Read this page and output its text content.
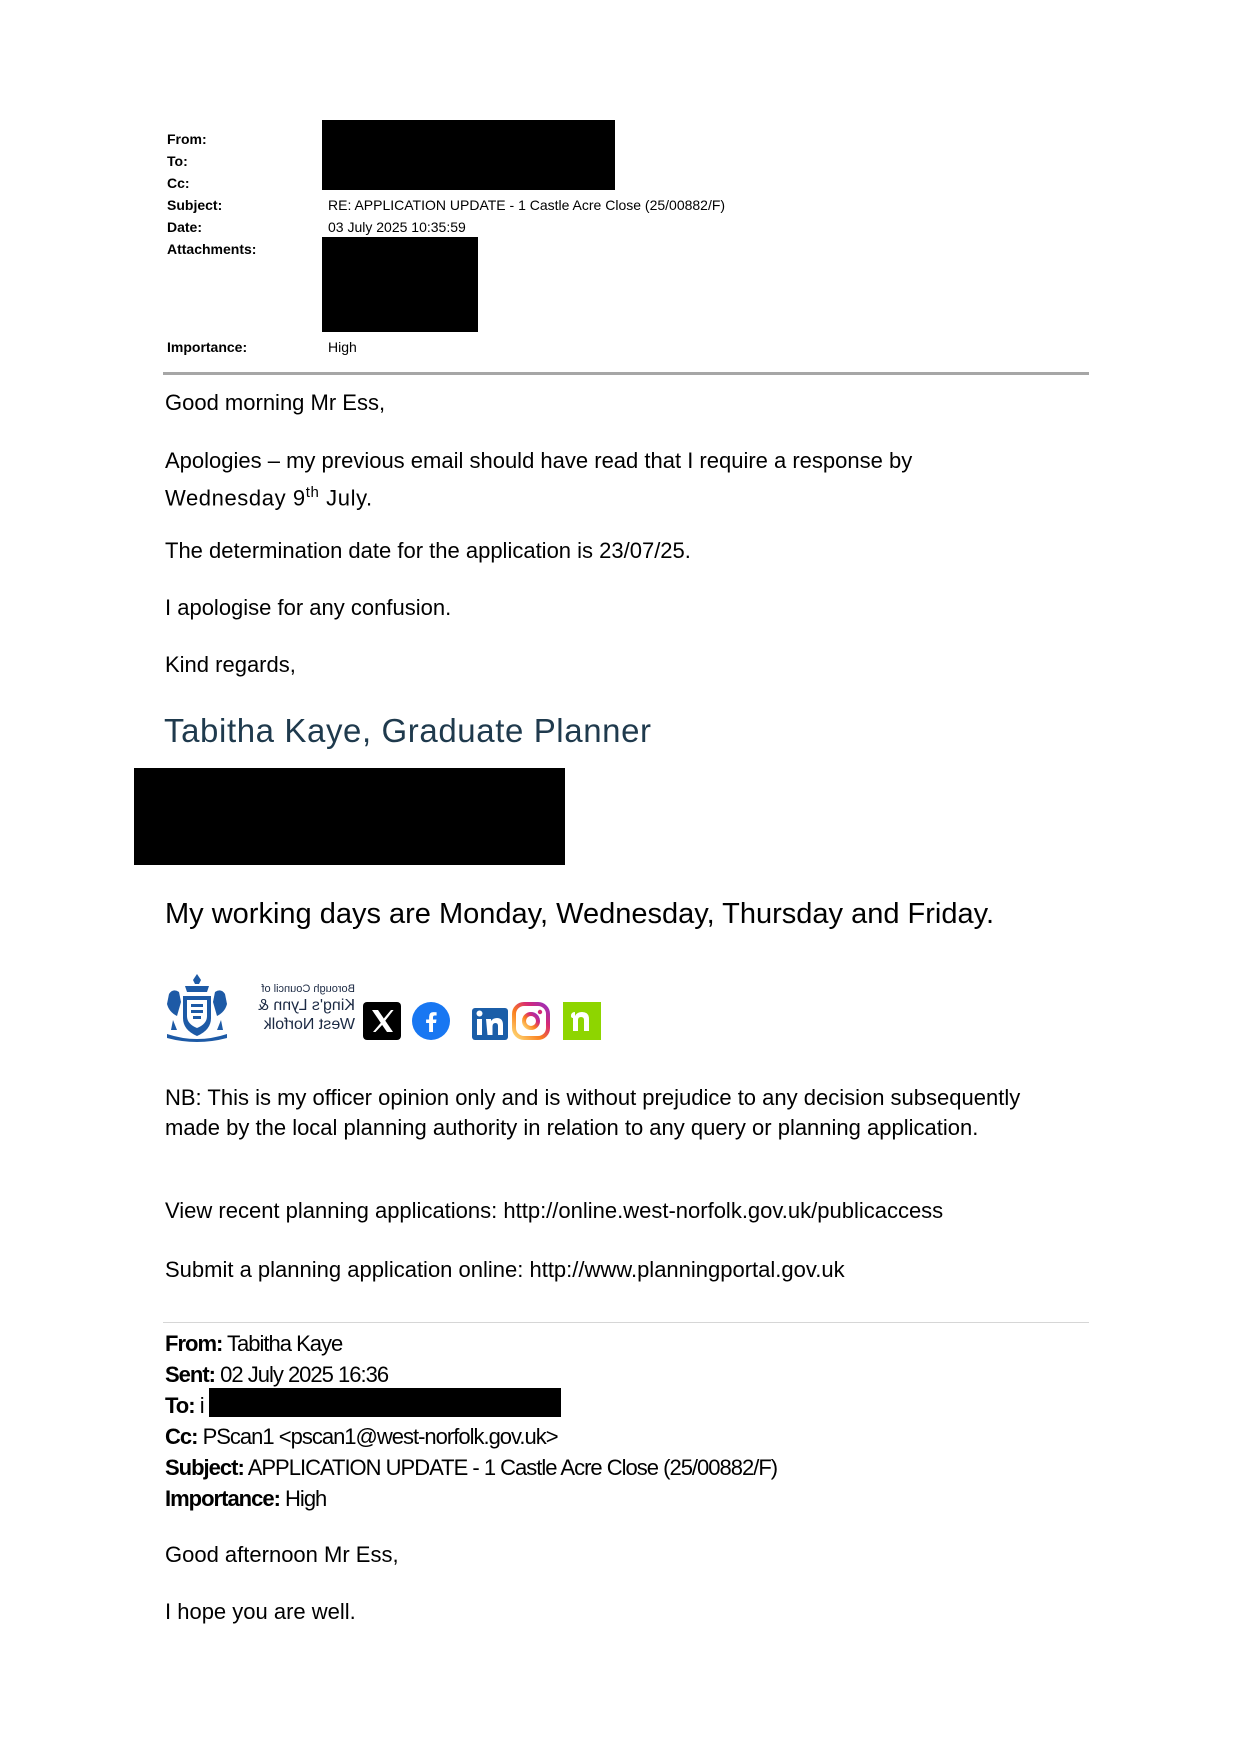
From:
To:
Cc:
Subject:	RE: APPLICATION UPDATE - 1 Castle Acre Close (25/00882/F)
Date:	03 July 2025 10:35:59
Attachments:
Importance:	High
Good morning Mr Ess,
Apologies – my previous email should have read that I require a response by
Wednesday 9th July.
The determination date for the application is 23/07/25.
I apologise for any confusion.
Kind regards,
Tabitha Kaye, Graduate Planner
My working days are Monday, Wednesday, Thursday and Friday.
Borough Council of
King's Lynn &
West Norfolk
NB: This is my officer opinion only and is without prejudice to any decision subsequently made by the local planning authority in relation to any query or planning application.
View recent planning applications: http://online.west-norfolk.gov.uk/publicaccess
Submit a planning application online: http://www.planningportal.gov.uk
From: Tabitha Kaye
Sent: 02 July 2025 16:36
To: i
Cc: PScan1 <pscan1@west-norfolk.gov.uk>
Subject: APPLICATION UPDATE - 1 Castle Acre Close (25/00882/F)
Importance: High
Good afternoon Mr Ess,
I hope you are well.
